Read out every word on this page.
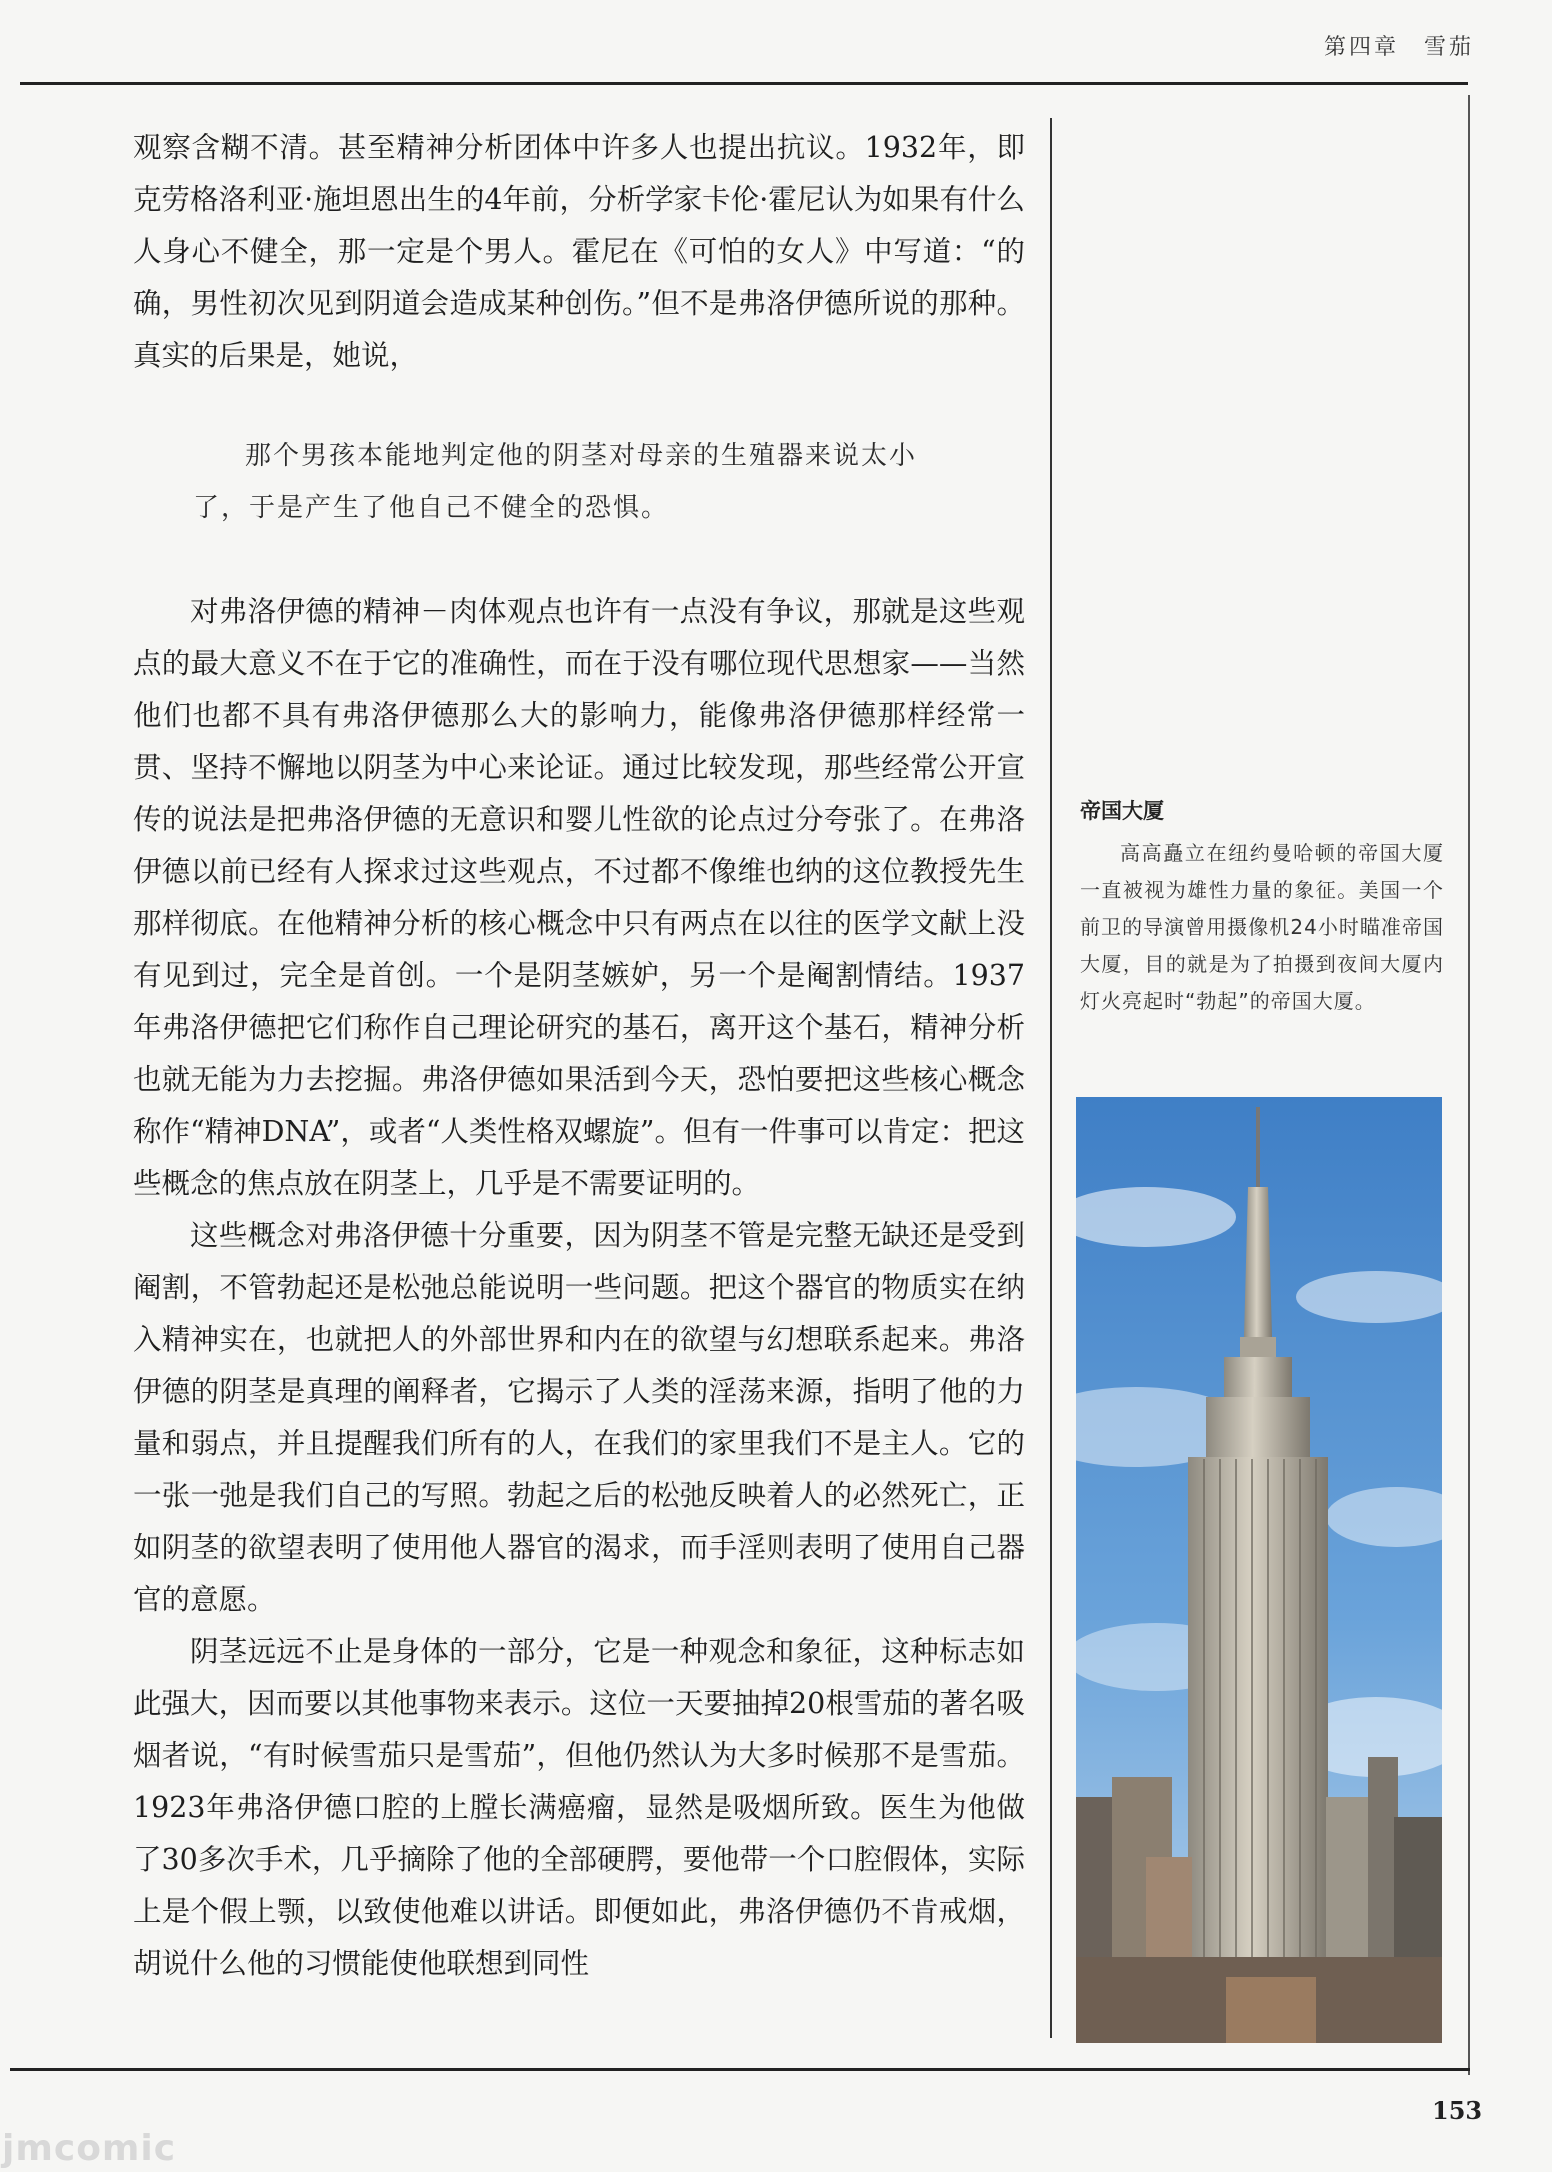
第四章　雪茄

观察含糊不清。甚至精神分析团体中许多人也提出抗议。1932年，即克劳格洛利亚·施坦恩出生的4年前，分析学家卡伦·霍尼认为如果有什么人身心不健全，那一定是个男人。霍尼在《可怕的女人》中写道：“的确，男性初次见到阴道会造成某种创伤。”但不是弗洛伊德所说的那种。真实的后果是，她说，

那个男孩本能地判定他的阴茎对母亲的生殖器来说太小
了，于是产生了他自己不健全的恐惧。

对弗洛伊德的精神－肉体观点也许有一点没有争议，那就是这些观点的最大意义不在于它的准确性，而在于没有哪位现代思想家——当然他们也都不具有弗洛伊德那么大的影响力，能像弗洛伊德那样经常一贯、坚持不懈地以阴茎为中心来论证。通过比较发现，那些经常公开宣传的说法是把弗洛伊德的无意识和婴儿性欲的论点过分夸张了。在弗洛伊德以前已经有人探求过这些观点，不过都不像维也纳的这位教授先生那样彻底。在他精神分析的核心概念中只有两点在以往的医学文献上没有见到过，完全是首创。一个是阴茎嫉妒，另一个是阉割情结。1937年弗洛伊德把它们称作自己理论研究的基石，离开这个基石，精神分析也就无能为力去挖掘。弗洛伊德如果活到今天，恐怕要把这些核心概念称作“精神DNA”，或者“人类性格双螺旋”。但有一件事可以肯定：把这些概念的焦点放在阴茎上，几乎是不需要证明的。

这些概念对弗洛伊德十分重要，因为阴茎不管是完整无缺还是受到阉割，不管勃起还是松弛总能说明一些问题。把这个器官的物质实在纳入精神实在，也就把人的外部世界和内在的欲望与幻想联系起来。弗洛伊德的阴茎是真理的阐释者，它揭示了人类的淫荡来源，指明了他的力量和弱点，并且提醒我们所有的人，在我们的家里我们不是主人。它的一张一弛是我们自己的写照。勃起之后的松弛反映着人的必然死亡，正如阴茎的欲望表明了使用他人器官的渴求，而手淫则表明了使用自己器官的意愿。

阴茎远远不止是身体的一部分，它是一种观念和象征，这种标志如此强大，因而要以其他事物来表示。这位一天要抽掉20根雪茄的著名吸烟者说，“有时候雪茄只是雪茄”，但他仍然认为大多时候那不是雪茄。1923年弗洛伊德口腔的上膛长满癌瘤，显然是吸烟所致。医生为他做了30多次手术，几乎摘除了他的全部硬腭，要他带一个口腔假体，实际上是个假上颚，以致使他难以讲话。即便如此，弗洛伊德仍不肯戒烟，胡说什么他的习惯能使他联想到同性

帝国大厦
高高矗立在纽约曼哈顿的帝国大厦一直被视为雄性力量的象征。美国一个前卫的导演曾用摄像机24小时瞄准帝国大厦，目的就是为了拍摄到夜间大厦内灯火亮起时“勃起”的帝国大厦。
153
jmcomic
